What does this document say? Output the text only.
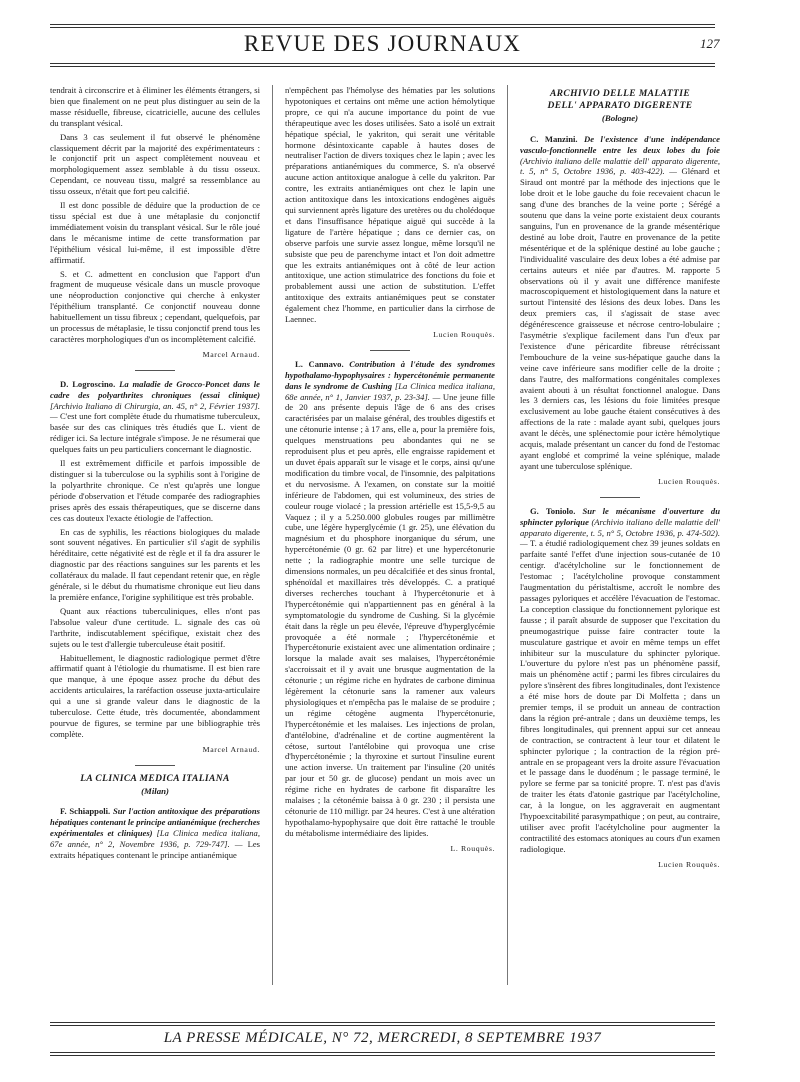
REVUE DES JOURNAUX	127

tendrait à circonscrire et à éliminer les éléments étrangers, si bien que finalement on ne peut plus distinguer au sein de la masse résiduelle, fibreuse, cicatricielle, aucune des cellules du transplant vésical.

Dans 3 cas seulement il fut observé le phénomène classiquement décrit par la majorité des expérimentateurs : le conjonctif prit un aspect complètement nouveau et morphologiquement assez semblable à du tissu osseux. Cependant, ce nouveau tissu, malgré sa ressemblance au tissu osseux, n'était que fort peu calcifié.

Il est donc possible de déduire que la production de ce tissu spécial est due à une métaplasie du conjonctif immédiatement voisin du transplant vésical. Sur le rôle joué dans le mécanisme intime de cette transformation par l'épithélium vésical lui-même, il est impossible d'être affirmatif.

S. et C. admettent en conclusion que l'apport d'un fragment de muqueuse vésicale dans un muscle provoque une néoproduction conjonctive qui cherche à enkyster l'épithélium transplanté. Ce conjonctif nouveau donne habituellement un tissu fibreux ; cependant, quelquefois, par un processus de métaplasie, le tissu conjonctif prend tous les caractères morphologiques d'un os incomplètement calcifié.

Marcel Arnaud.

D. Logroscino. La maladie de Grocco-Poncet dans le cadre des polyarthrites chroniques (essai clinique) [Archivio Italiano di Chirurgia, an. 45, n° 2, Février 1937]. — C'est une fort complète étude du rhumatisme tuberculeux, basée sur des cas cliniques très étudiés que L. vient de rédiger ici. Sa lecture intégrale s'impose. Je ne résumerai que quelques faits un peu particuliers concernant le diagnostic.

Il est extrêmement difficile et parfois impossible de distinguer si la tuberculose ou la syphilis sont à l'origine de la polyarthrite chronique. Ce n'est qu'après une longue période d'observation et l'étude comparée des radiographies prises après des essais thérapeutiques, que se discerne dans ces cas douteux l'exacte étiologie de l'affection.

En cas de syphilis, les réactions biologiques du malade sont souvent négatives. En particulier s'il s'agit de syphilis héréditaire, cette négativité est de règle et il fa dra assurer le diagnostic par des réactions sanguines sur les parents et les collatéraux du malade. Il faut cependant retenir que, en règle générale, si le début du rhumatisme chronique eut lieu dans la première enfance, l'origine syphilitique est très probable.

Quant aux réactions tuberculiniques, elles n'ont pas l'absolue valeur d'une certitude. L. signale des cas où l'arthrite, indiscutablement spécifique, existait chez des sujets ou le test d'allergie tuberculeuse était positif.

Habituellement, le diagnostic radiologique permet d'être affirmatif quant à l'étiologie du rhumatisme. Il est bien rare que manque, à une époque assez proche du début des accidents articulaires, la raréfaction osseuse juxta-articulaire qui a une si grande valeur dans le diagnostic de la tuberculose. Cette étude, très documentée, abondamment pourvue de figures, se termine par une bibliographie très complète.

Marcel Arnaud.

LA CLINICA MEDICA ITALIANA

(Milan)

F. Schiappoli. Sur l'action antitoxique des préparations hépatiques contenant le principe antianémique (recherches expérimentales et cliniques) [La Clinica medica italiana, 67e année, n° 2, Novembre 1936, p. 729-747]. — Les extraits hépatiques contenant le principe antianémique

n'empêchent pas l'hémolyse des hématies par les solutions hypotoniques et certains ont même une action hémolytique propre, ce qui n'a aucune importance du point de vue thérapeutique avec les doses utilisées. Sato a isolé un extrait hépatique spécial, le yakriton, qui serait une véritable hormone désintoxicante capable à hautes doses de neutraliser l'action de divers toxiques chez le lapin ; avec les préparations antianémiques du commerce, S. n'a observé aucune action antitoxique analogue à celle du yakriton. Par contre, les extraits antianémiques ont chez le lapin une action antitoxique dans les intoxications endogènes aiguës qui surviennent après ligature des uretères ou du cholédoque et dans l'insuffisance hépatique aiguë qui succède à la ligature de l'artère hépatique ; dans ce dernier cas, on observe parfois une survie assez longue, même lorsqu'il ne subsiste que peu de parenchyme intact et l'on doit admettre que les extraits antianémiques ont à côté de leur action antitoxique, une action stimulatrice des fonctions du foie et probablement aussi une action de substitution. L'effet antitoxique des extraits antianémiques peut se constater également chez l'homme, en particulier dans la cirrhose de Laennec.

Lucien Rouquès.

L. Cannavo. Contribution à l'étude des syndromes hypothalamo-hypophysaires : hypercétonémie permanente dans le syndrome de Cushing [La Clinica medica italiana, 68e année, n° 1, Janvier 1937, p. 23-34]. — Une jeune fille de 20 ans présente depuis l'âge de 6 ans des crises caractérisées par un malaise général, des troubles digestifs et une cétonurie intense ; à 17 ans, elle a, pour la première fois, quelques menstruations peu abondantes qui ne se reproduisent plus et peu après, elle engraisse rapidement et un duvet épais apparaît sur le visage et le corps, ainsi qu'une modification du timbre vocal, de l'insomnie, des palpitations et du nervosisme. A l'examen, on constate sur la moitié inférieure de l'abdomen, qui est volumineux, des stries de couleur rouge violacé ; la pression artérielle est 15,5-9,5 au Vaquez ; il y a 5.250.000 globules rouges par millimètre cube, une légère hyperglycémie (1 gr. 25), une élévation du magnésium et du phosphore inorganique du sérum, une hypercétonémie (0 gr. 62 par litre) et une hypercétonurie nette ; la radiographie montre une selle turcique de dimensions normales, un peu décalcifiée et des sinus frontal, sphénoïdal et maxillaires très développés. C. a pratiqué diverses recherches touchant à l'hypercétonurie et à l'hypercétonémie qui n'appartiennent pas en général à la symptomatologie du syndrome de Cushing. Si la glycémie était dans la règle un peu élevée, l'épreuve d'hyperglycémie provoquée a été normale ; l'hypercétonémie et l'hypercétonurie existaient avec une alimentation ordinaire ; lorsque la malade avait ses malaises, l'hypercétonémie s'accroissait et il y avait une brusque augmentation de la cétonurie ; un régime riche en hydrates de carbone diminua légèrement la cétonurie sans la ramener aux valeurs physiologiques et n'empêcha pas le malaise de se produire ; un régime cétogène augmenta l'hypercétonurie, l'hypercétonémie et les malaises. Les injections de prolan, d'antélobine, d'adrénaline et de cortine augmentèrent la cétose, surtout l'antélobine qui provoqua une crise d'hypercétonémie ; la thyroxine et surtout l'insuline eurent une action inverse. Un traitement par l'insuline (20 unités par jour et 50 gr. de glucose) pendant un mois avec un régime riche en hydrates de carbone fit disparaître les malaises ; la cétonémie baissa à 0 gr. 230 ; il persista une cétonurie de 110 milligr. par 24 heures. C'est à une altération hypothalamo-hypophysaire que doit être rattaché le trouble du métabolisme intermédiaire des lipides.

L. Rouquès.

ARCHIVIO DELLE MALATTIE

DELL' APPARATO DIGERENTE

(Bologne)

C. Manzini. De l'existence d'une indépendance vasculo-fonctionnelle entre les deux lobes du foie (Archivio italiano delle malattie dell' apparato digerente, t. 5, n° 5, Octobre 1936, p. 403-422). — Glénard et Siraud ont montré par la méthode des injections que le lobe droit et le lobe gauche du foie recevaient chacun le sang d'une des branches de la veine porte ; Sérégé a soutenu que dans la veine porte existaient deux courants sanguins, l'un en provenance de la grande mésentérique destiné au lobe droit, l'autre en provenance de la petite mésentérique et de la splénique destiné au lobe gauche ; l'individualité vasculaire des deux lobes a été admise par certains auteurs et niée par d'autres. M. rapporte 5 observations où il y avait une différence manifeste macroscopiquement et histologiquement dans la nature et surtout l'intensité des lésions des deux lobes. Dans les deux premiers cas, il s'agissait de stase avec dégénérescence graisseuse et nécrose centro-lobulaire ; l'asymétrie s'explique facilement dans l'un d'eux par l'existence d'une péricardite fibreuse rétrécissant l'embouchure de la veine sus-hépatique gauche dans la veine cave inférieure sans modifier celle de la droite ; dans l'autre, des malformations congénitales complexes avaient abouti à un résultat fonctionnel analogue. Dans les 3 derniers cas, les lésions du foie limitées presque exclusivement au lobe gauche étaient consécutives à des affections de la rate : malade ayant subi, quelques jours avant le décès, une splénectomie pour ictère hémolytique acquis, malade présentant un cancer du fond de l'estomac ayant englobé et comprimé la veine splénique, malade ayant une tuberculose splénique.

Lucien Rouquès.

G. Toniolo. Sur le mécanisme d'ouverture du sphincter pylorique (Archivio italiano delle malattie dell' apparato digerente, t. 5, n° 5, Octobre 1936, p. 474-502). — T. a étudié radiologiquement chez 39 jeunes soldats en parfaite santé l'effet d'une injection sous-cutanée de 10 centigr. d'acétylcholine sur le fonctionnement de l'estomac ; l'acétylcholine provoque constamment l'augmentation du péristaltisme, accroît le nombre des passages pyloriques et accélère l'évacuation de l'estomac. La conception classique du fonctionnement pylorique est fausse ; il paraît absurde de supposer que l'excitation du pneumogastrique puisse faire contracter toute la musculature gastrique et avoir en même temps un effet inhibiteur sur la musculature du sphincter pylorique. L'ouverture du pylore n'est pas un phénomène passif, mais un phénomène actif ; parmi les fibres circulaires du pylore s'insèrent des fibres longitudinales, dont l'existence a été mise hors de doute par Di Molfetta ; dans un premier temps, il se produit un anneau de contraction dans la région pré-antrale ; dans un deuxième temps, les fibres longitudinales, qui prennent appui sur cet anneau de contraction, se contractent à leur tour et dilatent le sphincter pylorique ; la contraction de la région pré-antrale en se propageant vers la droite assure l'évacuation et le passage dans le duodénum ; le passage terminé, le pylore se ferme par sa tonicité propre. T. n'est pas d'avis de traiter les états d'atonie gastrique par l'acétylcholine, car, à la longue, on les aggraverait en augmentant l'hypoexcitabilité parasympathique ; on peut, au contraire, utiliser avec profit l'acétylcholine pour augmenter la contractilité des estomacs atoniques au cours d'un examen radiologique.

Lucien Rouquès.

LA PRESSE MÉDICALE, N° 72, MERCREDI, 8 SEPTEMBRE 1937
